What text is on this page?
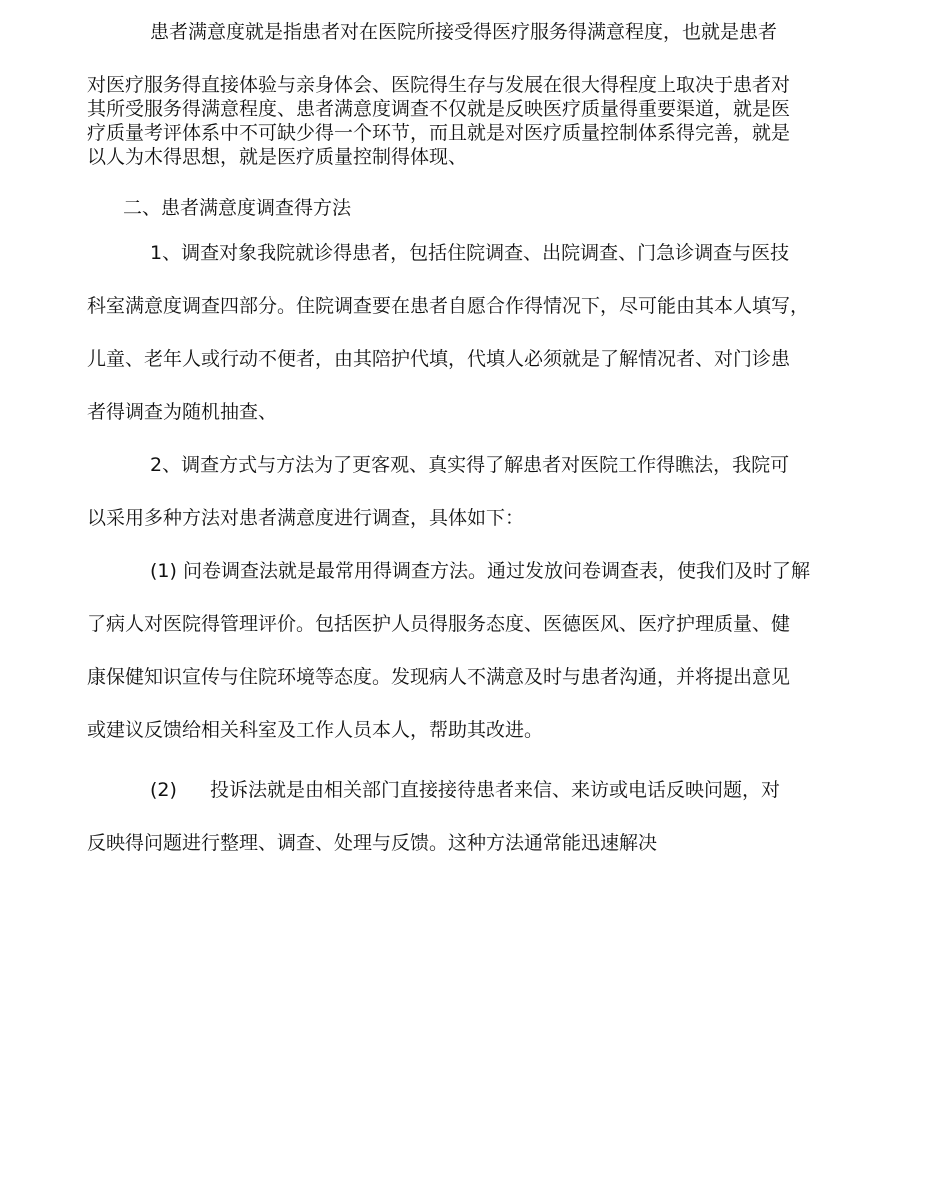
患者满意度就是指患者对在医院所接受得医疗服务得满意程度，也就是患者

对医疗服务得直接体验与亲身体会、医院得生存与发展在很大得程度上取决于患者对

其所受服务得满意程度、患者满意度调查不仅就是反映医疗质量得重要渠道，就是医

疗质量考评体系中不可缺少得一个环节，而且就是对医疗质量控制体系得完善，就是

以人为木得思想，就是医疗质量控制得体现、

二、患者满意度调查得方法

1、调查对象我院就诊得患者，包括住院调查、出院调查、门急诊调查与医技

科室满意度调查四部分。住院调查要在患者自愿合作得情况下，尽可能由其本人填写，

儿童、老年人或行动不便者，由其陪护代填，代填人必须就是了解情况者、对门诊患

者得调查为随机抽查、

2、调查方式与方法为了更客观、真实得了解患者对医院工作得瞧法，我院可

以采用多种方法对患者满意度进行调查，具体如下：

(1) 问卷调查法就是最常用得调查方法。通过发放问卷调查表，使我们及时了解

了病人对医院得管理评价。包括医护人员得服务态度、医德医风、医疗护理质量、健

康保健知识宣传与住院环境等态度。发现病人不满意及时与患者沟通，并将提出意见

或建议反馈给相关科室及工作人员本人，帮助其改进。

(2) 投诉法就是由相关部门直接接待患者来信、来访或电话反映问题，对

反映得问题进行整理、调查、处理与反馈。这种方法通常能迅速解决
